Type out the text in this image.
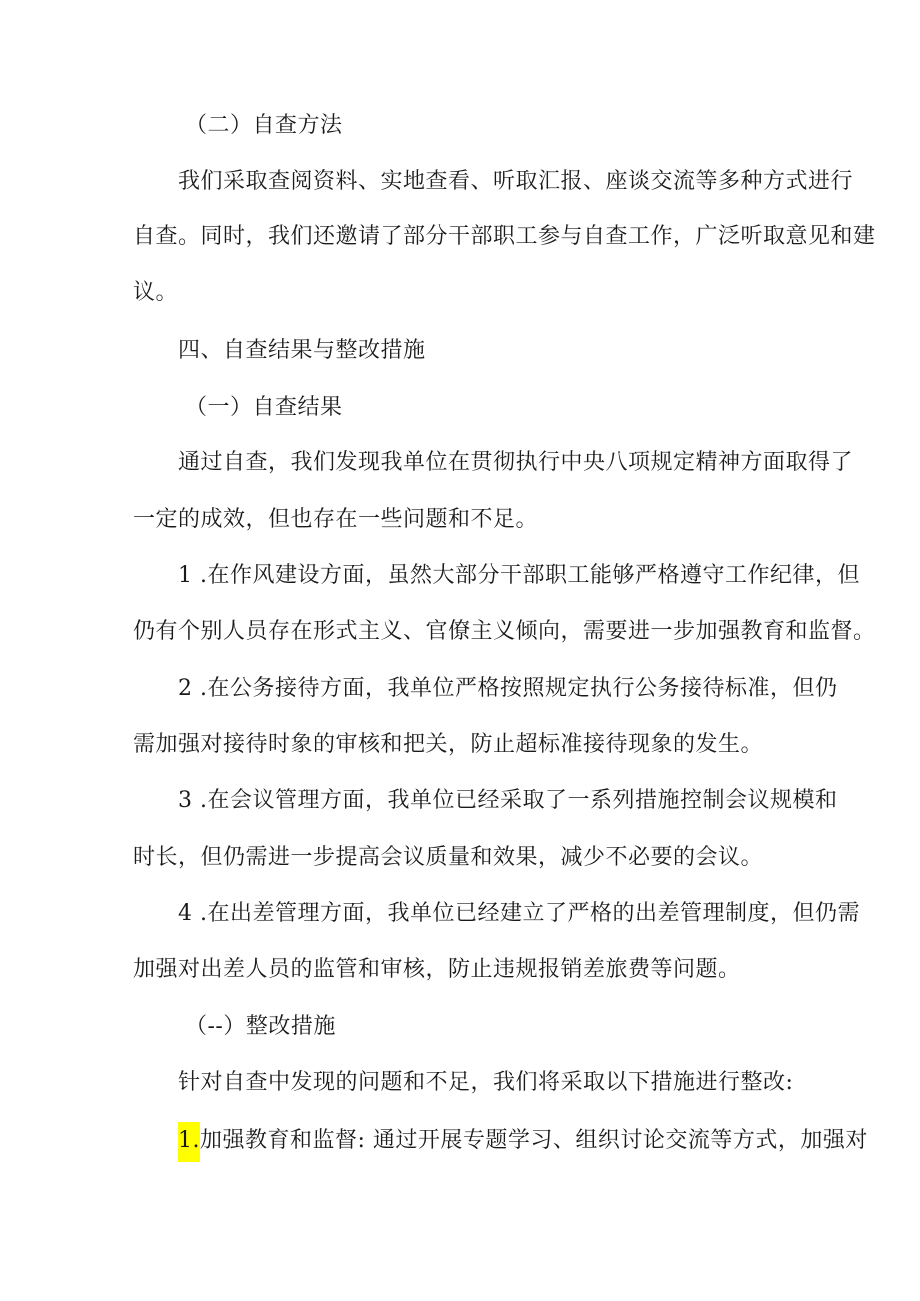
（二）自查方法
我们采取查阅资料、实地查看、听取汇报、座谈交流等多种方式进行
自查。同时，我们还邀请了部分干部职工参与自查工作，广泛听取意见和建
议。
四、自查结果与整改措施
（一）自查结果
通过自查，我们发现我单位在贯彻执行中央八项规定精神方面取得了
一定的成效，但也存在一些问题和不足。
1 .在作风建设方面，虽然大部分干部职工能够严格遵守工作纪律，但
仍有个别人员存在形式主义、官僚主义倾向，需要进一步加强教育和监督。
2 .在公务接待方面，我单位严格按照规定执行公务接待标准，但仍
需加强对接待时象的审核和把关，防止超标准接待现象的发生。
3 .在会议管理方面，我单位已经采取了一系列措施控制会议规模和
时长，但仍需进一步提高会议质量和效果，减少不必要的会议。
4 .在出差管理方面，我单位已经建立了严格的出差管理制度，但仍需
加强对出差人员的监管和审核，防止违规报销差旅费等问题。
（--）整改措施
针对自查中发现的问题和不足，我们将采取以下措施进行整改:
1.加强教育和监督: 通过开展专题学习、组织讨论交流等方式，加强对
